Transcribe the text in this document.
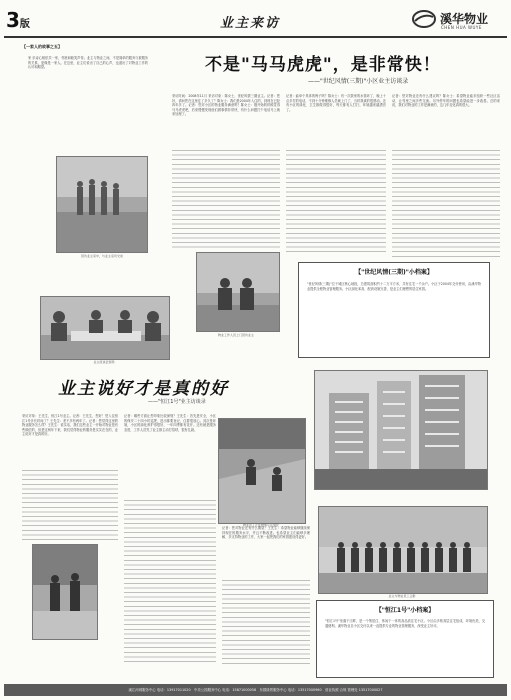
3版	业主来访	溪华物业
CHEN HUA WUYE
【一家人的故事之五】
家 乐诗心相依共一家，邻里和睦笑声传。业主与物业之间，不是简单的服务与被服务的关系，更像是一家人。在这里，业主们说出了自己的心声，也道出了对物业工作的认可和期望。
回访业主家中，与业主亲切交谈
业主座谈会现场
不是"马马虎虎"，是非常快！
——"世纪风情(三期)"小区业主访谈录
采访时间：2008年11月 采访对象：陈女士，世纪风情三期业主。记者：您好，请问您在这里住了多久了？陈女士：我们是2004年入住的，到现在已经四年多了。记者：您对小区的物业服务满意吗？陈女士：刚开始的时候觉得马马虎虎吧，后来慢慢发现他们做事情非常快，有什么问题打个电话马上就来处理了。
记者：能举个具体的例子吗？陈女士：有一次我家的水管坏了，晚上十点多打的电话，不到十分钟维修人员就上门了，当时我真的很感动。还有小区的绿化、卫生都做得很好，每天都有人打扫，环境越来越漂亮了。
记者：您对物业还有什么建议吗？陈女士：希望物业能多组织一些社区活动，让邻里之间多些交流。另外停车的问题也希望能进一步改善。总的来说，我们对物业的工作是满意的，这几年变化真的很大。
物业工作人员上门回访业主
【"世纪风情(三期)"小档案】
"世纪风情(三期)"位于城区核心地段，总建筑面积约十二万平方米，共有住宅一千余户。小区于2004年交付使用，由溪华物业提供全程物业管理服务。小区绿化率高，配套设施完善，是业主们理想的居住家园。
业主说好才是真的好
——"恒江1号"业主访谈录
采访对象：王先生，恒江1号业主。记者：王先生，您好！您入住恒江1号多长时间了？王先生：差不多有两年了。记者：您觉得这里的物业服务怎么样？王先生：说实话，我们这些业主一开始对物业是有些顾虑的，但是这两年下来，我们觉得物业的服务是实实在在的，业主说好才是真的好。
记者：哪些方面让您印象比较深刻？王先生：首先是安全，小区的保安二十四小时巡逻，进出都要登记，住着很放心。其次是环境，小区的绿化养护得很好，一年四季都有花开。还有就是服务态度，工作人员见了业主都主动打招呼，很有礼貌。
记者：您对物业还有什么期望？王先生：希望物业能够继续保持现在的服务水平，并且不断改进。也希望业主们能够多理解、多支持物业的工作，大家一起把我们的家园建设得更好。
物业员工正在修剪小区绿化
业主与物业员工合影
【"恒江1号"小档案】
"恒江1号"坐落于江畔，是一个集居住、休闲于一体的高品质住宅小区。小区由多栋高层住宅组成，环境优美，交通便利。溪华物业自小区交付以来一直提供专业的物业管理服务，深受业主好评。
溪江河城服务中心 电话：13917011020　中央公园服务中心 电话：15871000058　东郡绿景服务中心 电话：13517000960　营业执照 合规 管理处 13517000027
